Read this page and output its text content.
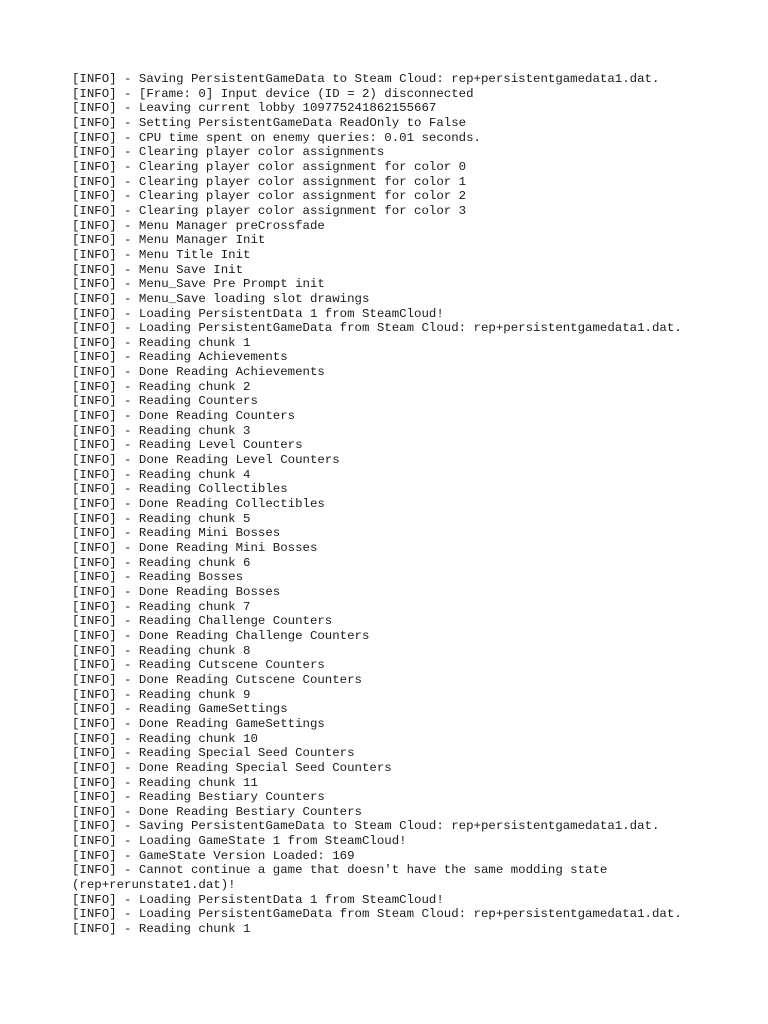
[INFO] - Saving PersistentGameData to Steam Cloud: rep+persistentgamedata1.dat.
[INFO] - [Frame: 0] Input device (ID = 2) disconnected
[INFO] - Leaving current lobby 109775241862155667
[INFO] - Setting PersistentGameData ReadOnly to False
[INFO] - CPU time spent on enemy queries: 0.01 seconds.
[INFO] - Clearing player color assignments
[INFO] - Clearing player color assignment for color 0
[INFO] - Clearing player color assignment for color 1
[INFO] - Clearing player color assignment for color 2
[INFO] - Clearing player color assignment for color 3
[INFO] - Menu Manager preCrossfade
[INFO] - Menu Manager Init
[INFO] - Menu Title Init
[INFO] - Menu Save Init
[INFO] - Menu_Save Pre Prompt init
[INFO] - Menu_Save loading slot drawings
[INFO] - Loading PersistentData 1 from SteamCloud!
[INFO] - Loading PersistentGameData from Steam Cloud: rep+persistentgamedata1.dat.
[INFO] - Reading chunk 1
[INFO] - Reading Achievements
[INFO] - Done Reading Achievements
[INFO] - Reading chunk 2
[INFO] - Reading Counters
[INFO] - Done Reading Counters
[INFO] - Reading chunk 3
[INFO] - Reading Level Counters
[INFO] - Done Reading Level Counters
[INFO] - Reading chunk 4
[INFO] - Reading Collectibles
[INFO] - Done Reading Collectibles
[INFO] - Reading chunk 5
[INFO] - Reading Mini Bosses
[INFO] - Done Reading Mini Bosses
[INFO] - Reading chunk 6
[INFO] - Reading Bosses
[INFO] - Done Reading Bosses
[INFO] - Reading chunk 7
[INFO] - Reading Challenge Counters
[INFO] - Done Reading Challenge Counters
[INFO] - Reading chunk 8
[INFO] - Reading Cutscene Counters
[INFO] - Done Reading Cutscene Counters
[INFO] - Reading chunk 9
[INFO] - Reading GameSettings
[INFO] - Done Reading GameSettings
[INFO] - Reading chunk 10
[INFO] - Reading Special Seed Counters
[INFO] - Done Reading Special Seed Counters
[INFO] - Reading chunk 11
[INFO] - Reading Bestiary Counters
[INFO] - Done Reading Bestiary Counters
[INFO] - Saving PersistentGameData to Steam Cloud: rep+persistentgamedata1.dat.
[INFO] - Loading GameState 1 from SteamCloud!
[INFO] - GameState Version Loaded: 169
[INFO] - Cannot continue a game that doesn't have the same modding state (rep+rerunstate1.dat)!
[INFO] - Loading PersistentData 1 from SteamCloud!
[INFO] - Loading PersistentGameData from Steam Cloud: rep+persistentgamedata1.dat.
[INFO] - Reading chunk 1
